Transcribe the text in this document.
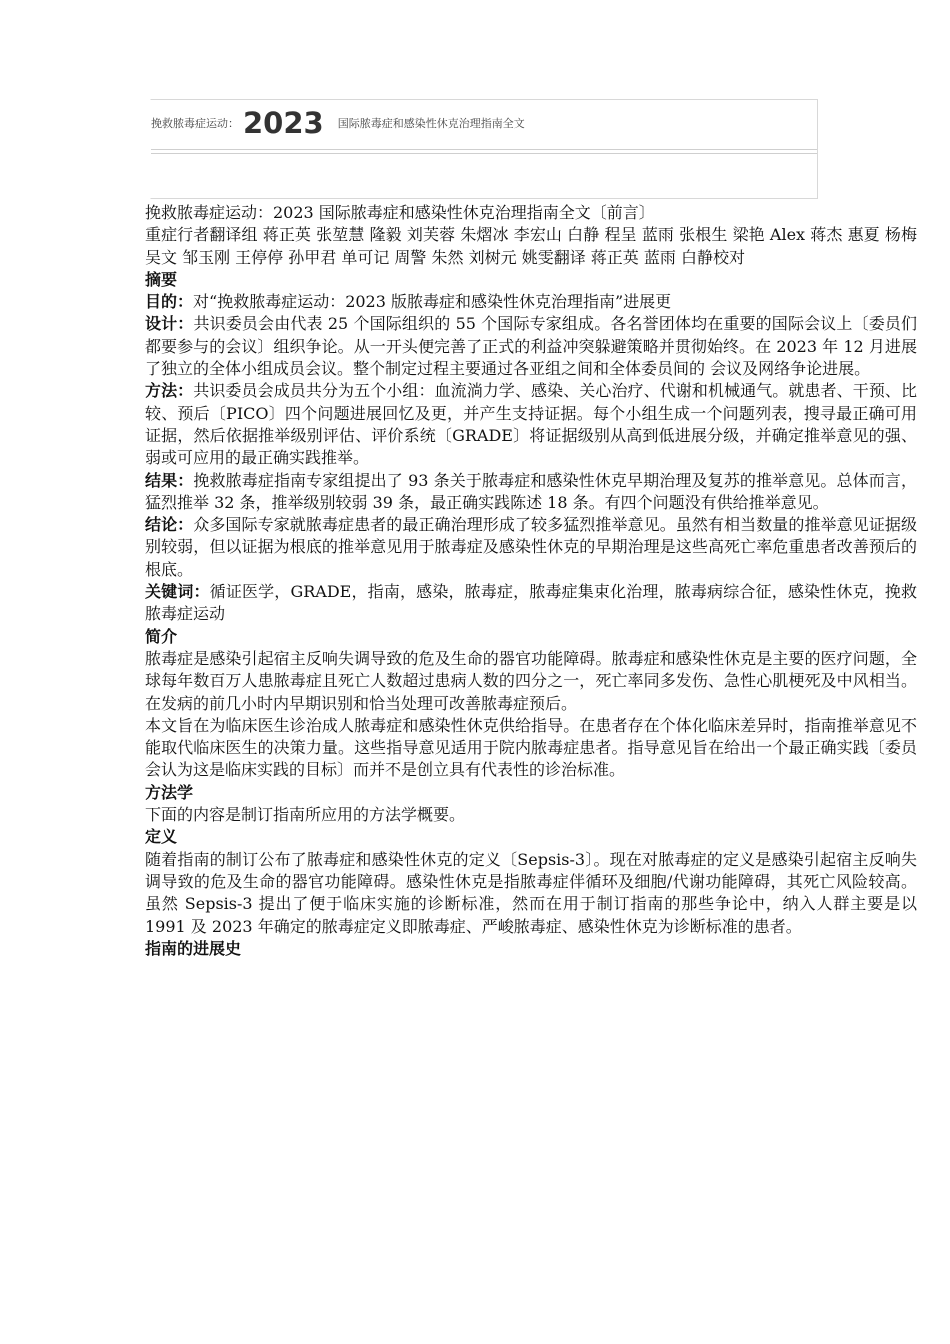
挽救脓毒症运动： 2023 国际脓毒症和感染性休克治理指南全文

挽救脓毒症运动：2023 国际脓毒症和感染性休克治理指南全文〔前言〕

重症行者翻译组 蒋正英 张堃慧 隆毅 刘芙蓉 朱熠冰 李宏山 白静 程呈 蓝雨 张根生 梁艳 Alex 蒋杰 惠夏 杨梅 吴文 邹玉刚 王停停 孙甲君 单可记 周警 朱然 刘树元 姚雯翻译 蒋正英 蓝雨 白静校对

摘要

目的：对“挽救脓毒症运动：2023 版脓毒症和感染性休克治理指南”进展更

设计：共识委员会由代表 25 个国际组织的 55 个国际专家组成。各名誉团体均在重要的国际会议上〔委员们都要参与的会议〕组织争论。从一开头便完善了正式的利益冲突躲避策略并贯彻始终。在 2023 年 12 月进展了独立的全体小组成员会议。整个制定过程主要通过各亚组之间和全体委员间的 会议及网络争论进展。

方法：共识委员会成员共分为五个小组：血流淌力学、感染、关心治疗、代谢和机械通气。就患者、干预、比较、预后〔PICO〕四个问题进展回忆及更，并产生支持证据。每个小组生成一个问题列表，搜寻最正确可用证据，然后依据推举级别评估、评价系统〔GRADE〕将证据级别从高到低进展分级，并确定推举意见的强、弱或可应用的最正确实践推举。

结果：挽救脓毒症指南专家组提出了 93 条关于脓毒症和感染性休克早期治理及复苏的推举意见。总体而言，猛烈推举 32 条，推举级别较弱 39 条，最正确实践陈述 18 条。有四个问题没有供给推举意见。

结论：众多国际专家就脓毒症患者的最正确治理形成了较多猛烈推举意见。虽然有相当数量的推举意见证据级别较弱，但以证据为根底的推举意见用于脓毒症及感染性休克的早期治理是这些高死亡率危重患者改善预后的根底。

关键词：循证医学，GRADE，指南，感染，脓毒症，脓毒症集束化治理，脓毒病综合征，感染性休克，挽救脓毒症运动

简介

脓毒症是感染引起宿主反响失调导致的危及生命的器官功能障碍。脓毒症和感染性休克是主要的医疗问题，全球每年数百万人患脓毒症且死亡人数超过患病人数的四分之一，死亡率同多发伤、急性心肌梗死及中风相当。在发病的前几小时内早期识别和恰当处理可改善脓毒症预后。

本文旨在为临床医生诊治成人脓毒症和感染性休克供给指导。在患者存在个体化临床差异时，指南推举意见不能取代临床医生的决策力量。这些指导意见适用于院内脓毒症患者。指导意见旨在给出一个最正确实践〔委员会认为这是临床实践的目标〕而并不是创立具有代表性的诊治标准。

方法学

下面的内容是制订指南所应用的方法学概要。

定义

随着指南的制订公布了脓毒症和感染性休克的定义〔Sepsis-3〕。现在对脓毒症的定义是感染引起宿主反响失调导致的危及生命的器官功能障碍。感染性休克是指脓毒症伴循环及细胞/代谢功能障碍，其死亡风险较高。虽然 Sepsis-3 提出了便于临床实施的诊断标准，然而在用于制订指南的那些争论中，纳入人群主要是以 1991 及 2023 年确定的脓毒症定义即脓毒症、严峻脓毒症、感染性休克为诊断标准的患者。

指南的进展史
